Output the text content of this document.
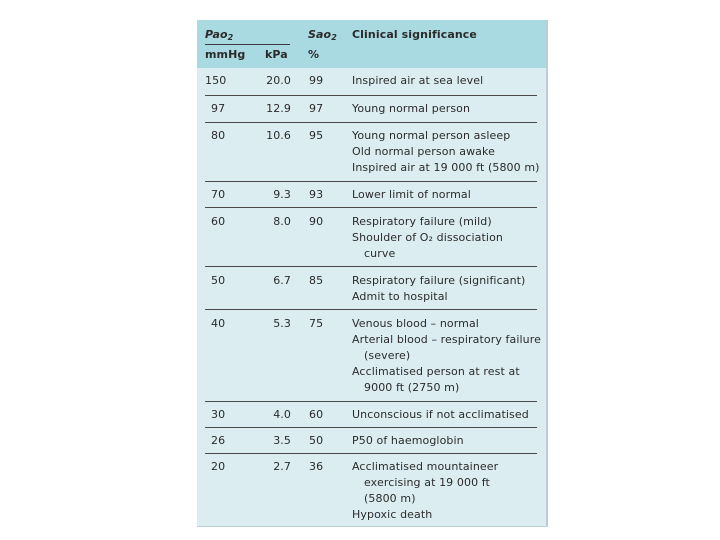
Pao$_2$	Sao$_2$ Clinical significance
mmHg kPa %
150	20.0 99	Inspired air at sea level
97	12.9 97	Young normal person
80	10.6 95	Young normal person asleep
Old normal person awake
Inspired air at 19 000 ft (5800 m)
70	9.3 93	Lower limit of normal
60	8.0 90	Respiratory failure (mild)
Shoulder of O₂ dissociation
curve
50	6.7 85	Respiratory failure (significant)
Admit to hospital
40	5.3 75	Venous blood – normal
Arterial blood – respiratory failure
(severe)
Acclimatised person at rest at
9000 ft (2750 m)
30	4.0 60	Unconscious if not acclimatised
26	3.5 50	P50 of haemoglobin
20	2.7 36	Acclimatised mountaineer
exercising at 19 000 ft
(5800 m)
Hypoxic death
